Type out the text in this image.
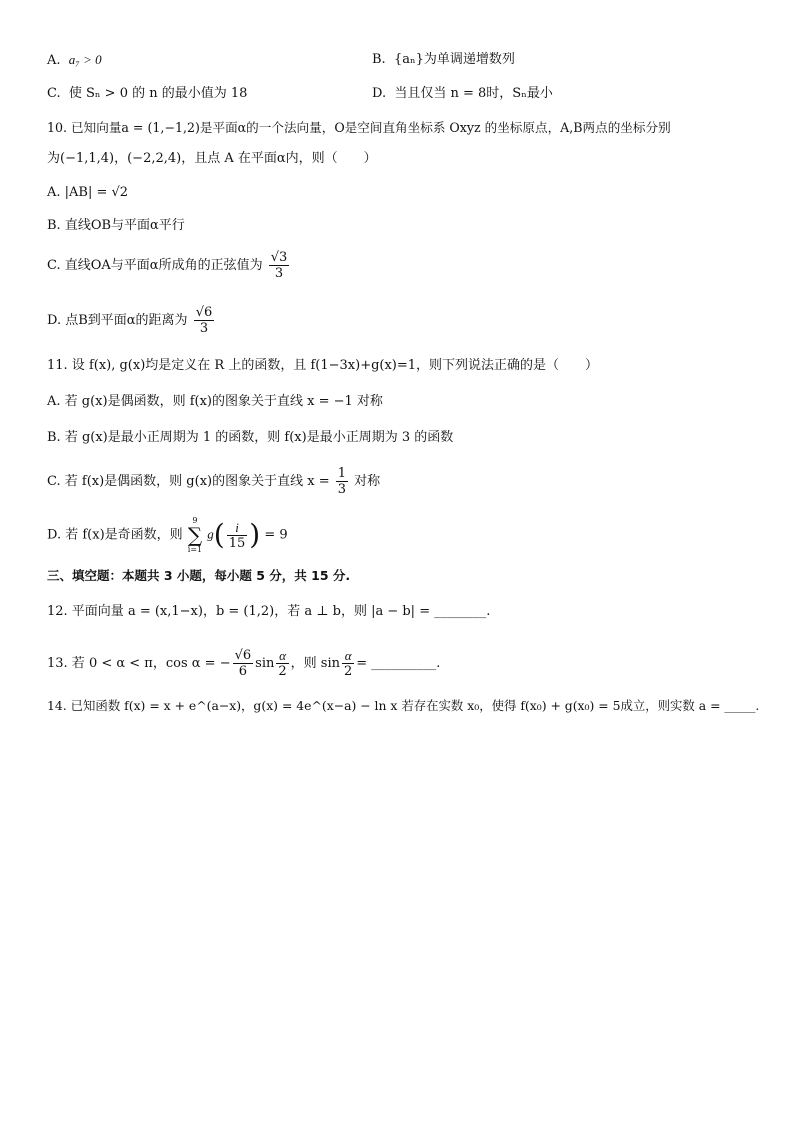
A. a₇ > 0	B. {aₙ}为单调递增数列
C. 使 Sₙ > 0 的 n 的最小值为 18	D. 当且仅当 n = 8时，Sₙ最小
10. 已知向量a = (1,−1,2)是平面α的一个法向量，O是空间直角坐标系 Oxyz 的坐标原点，A,B两点的坐标分别
为(−1,1,4)，(−2,2,4)，且点 A 在平面α内，则（　　）
A. |AB| = √2
B. 直线OB与平面α平行
C. 直线OA与平面α所成角的正弦值为 $\frac{√3}{3}$
D. 点B到平面α的距离为 $\frac{√6}{3}$
11. 设 f(x), g(x)均是定义在 R 上的函数，且 f(1−3x)+g(x)=1，则下列说法正确的是（　　）
A. 若 g(x)是偶函数，则 f(x)的图象关于直线 x = −1 对称
B. 若 g(x)是最小正周期为 1 的函数，则 f(x)是最小正周期为 3 的函数
C. 若 f(x)是偶函数，则 g(x)的图象关于直线 $x = \frac{1}{3}$ 对称
D. 若 f(x)是奇函数，则
9
∑
i=1
$g( \frac{i}{15}$ ) = 9
三、填空题：本题共 3 小题，每小题 5 分，共 15 分.
12. 平面向量 a = (x,1−x)，b = (1,2)，若 a ⊥ b，则 |a − b| = ________.
13. 若 0 < α < π，cos α = − $\frac{√6}{6}$ $\sin \frac{\alpha}{2}$ ，则 $\sin \frac{\alpha}{2}$ = __________.
14. 已知函数 f(x) = x + e^(a−x)，g(x) = 4e^(x−a) − ln x 若存在实数 x₀，使得 f(x₀) + g(x₀) = 5成立，则实数 a = _____.
